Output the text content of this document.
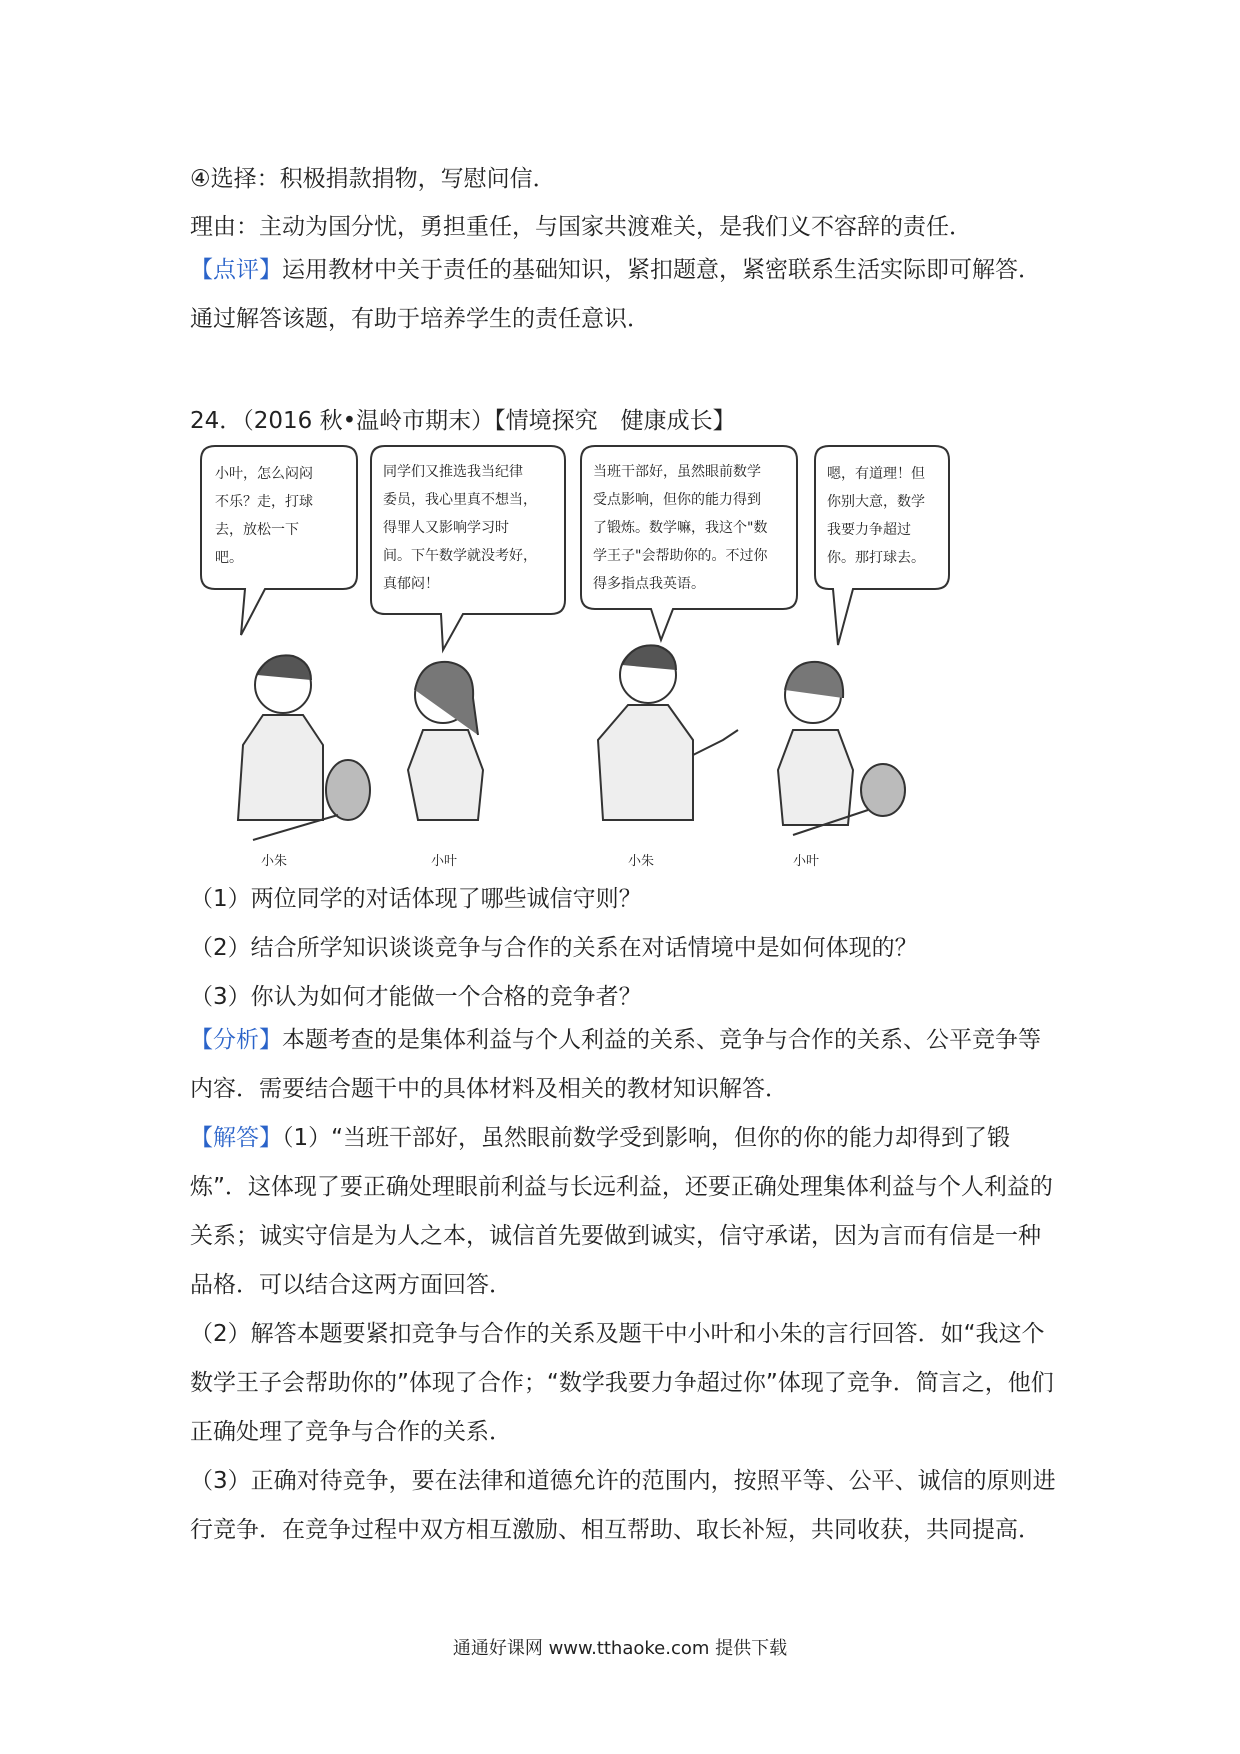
④选择：积极捐款捐物，写慰问信．
理由：主动为国分忧，勇担重任，与国家共渡难关，是我们义不容辞的责任．

【点评】运用教材中关于责任的基础知识，紧扣题意，紧密联系生活实际即可解答．通过解答该题，有助于培养学生的责任意识．

24．（2016 秋•温岭市期末）【情境探究　健康成长】
小叶，怎么闷闷
不乐？走，打球
去，放松一下
吧。
同学们又推选我当纪律
委员，我心里真不想当，
得罪人又影响学习时
间。下午数学就没考好，
真郁闷！
当班干部好，虽然眼前数学
受点影响，但你的能力得到
了锻炼。数学嘛，我这个"数
学王子"会帮助你的。不过你
得多指点我英语。
嗯，有道理！但
你别大意，数学
我要力争超过
你。那打球去。
小朱	小叶	小朱	小叶
（1）两位同学的对话体现了哪些诚信守则？
（2）结合所学知识谈谈竞争与合作的关系在对话情境中是如何体现的？
（3）你认为如何才能做一个合格的竞争者？

【分析】本题考查的是集体利益与个人利益的关系、竞争与合作的关系、公平竞争等内容．需要结合题干中的具体材料及相关的教材知识解答．

【解答】（1）“当班干部好，虽然眼前数学受到影响，但你的你的能力却得到了锻炼”．这体现了要正确处理眼前利益与长远利益，还要正确处理集体利益与个人利益的关系；诚实守信是为人之本，诚信首先要做到诚实，信守承诺，因为言而有信是一种品格．可以结合这两方面回答．

（2）解答本题要紧扣竞争与合作的关系及题干中小叶和小朱的言行回答．如“我这个数学王子会帮助你的”体现了合作；“数学我要力争超过你”体现了竞争．简言之，他们正确处理了竞争与合作的关系．

（3）正确对待竞争，要在法律和道德允许的范围内，按照平等、公平、诚信的原则进行竞争．在竞争过程中双方相互激励、相互帮助、取长补短，共同收获，共同提高．

通通好课网 www.tthaoke.com 提供下载
